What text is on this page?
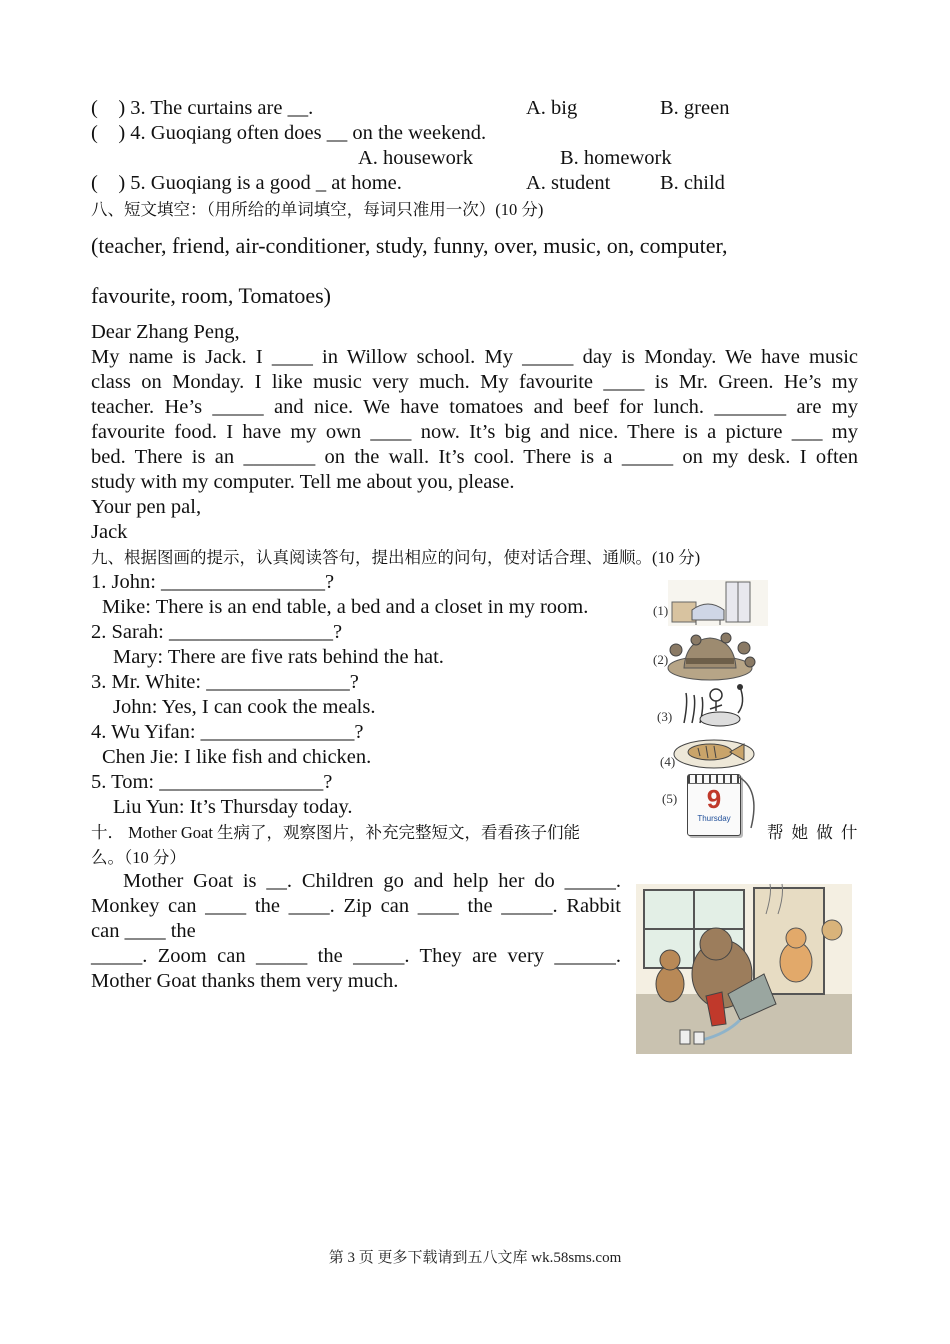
(    ) 3. The curtains are __.	A. big	B. green
(    ) 4. Guoqiang often does __ on the weekend.
A. housework	B. homework
(    ) 5. Guoqiang is a good _ at home.	A. student B. child
八、短文填空：（用所给的单词填空，每词只准用一次）(10 分)
(teacher, friend, air-conditioner, study, funny, over, music, on, computer,
favourite, room, Tomatoes)
Dear Zhang Peng,
My name is Jack. I ____ in Willow school. My _____ day is Monday. We have music
class on Monday. I like music very much. My favourite ____ is Mr. Green. He’s my
teacher. He’s _____ and nice. We have tomatoes and beef for lunch. _______ are my
favourite food. I have my own ____ now. It’s big and nice. There is a picture ___ my
bed. There is an _______ on the wall. It’s cool. There is a _____ on my desk. I often
study with my computer. Tell me about you, please.
Your pen pal,
Jack
九、根据图画的提示，认真阅读答句，提出相应的问句，使对话合理、通顺。(10 分)
1. John: ________________?
Mike: There is an end table, a bed and a closet in my room.
2. Sarah: ________________?
Mary: There are five rats behind the hat.
3. Mr. White: ______________?
John: Yes, I can cook the meals.
4. Wu Yifan: _______________?
Chen Jie: I like fish and chicken.
5. Tom: ________________?
Liu Yun: It’s Thursday today.
(1)
(2)
(3)
(4)
(5)	9
Thursday
十． Mother Goat 生病了，观察图片，补充完整短文，看看孩子们能	帮 她 做 什
么。（10 分）
Mother Goat is __. Children go and help her do _____.
Monkey can ____ the ____. Zip can ____ the _____. Rabbit
can ____ the
_____. Zoom can _____ the _____. They are very ______.
Mother Goat thanks them very much.
第 3 页 更多下载请到五八文库 wk.58sms.com
